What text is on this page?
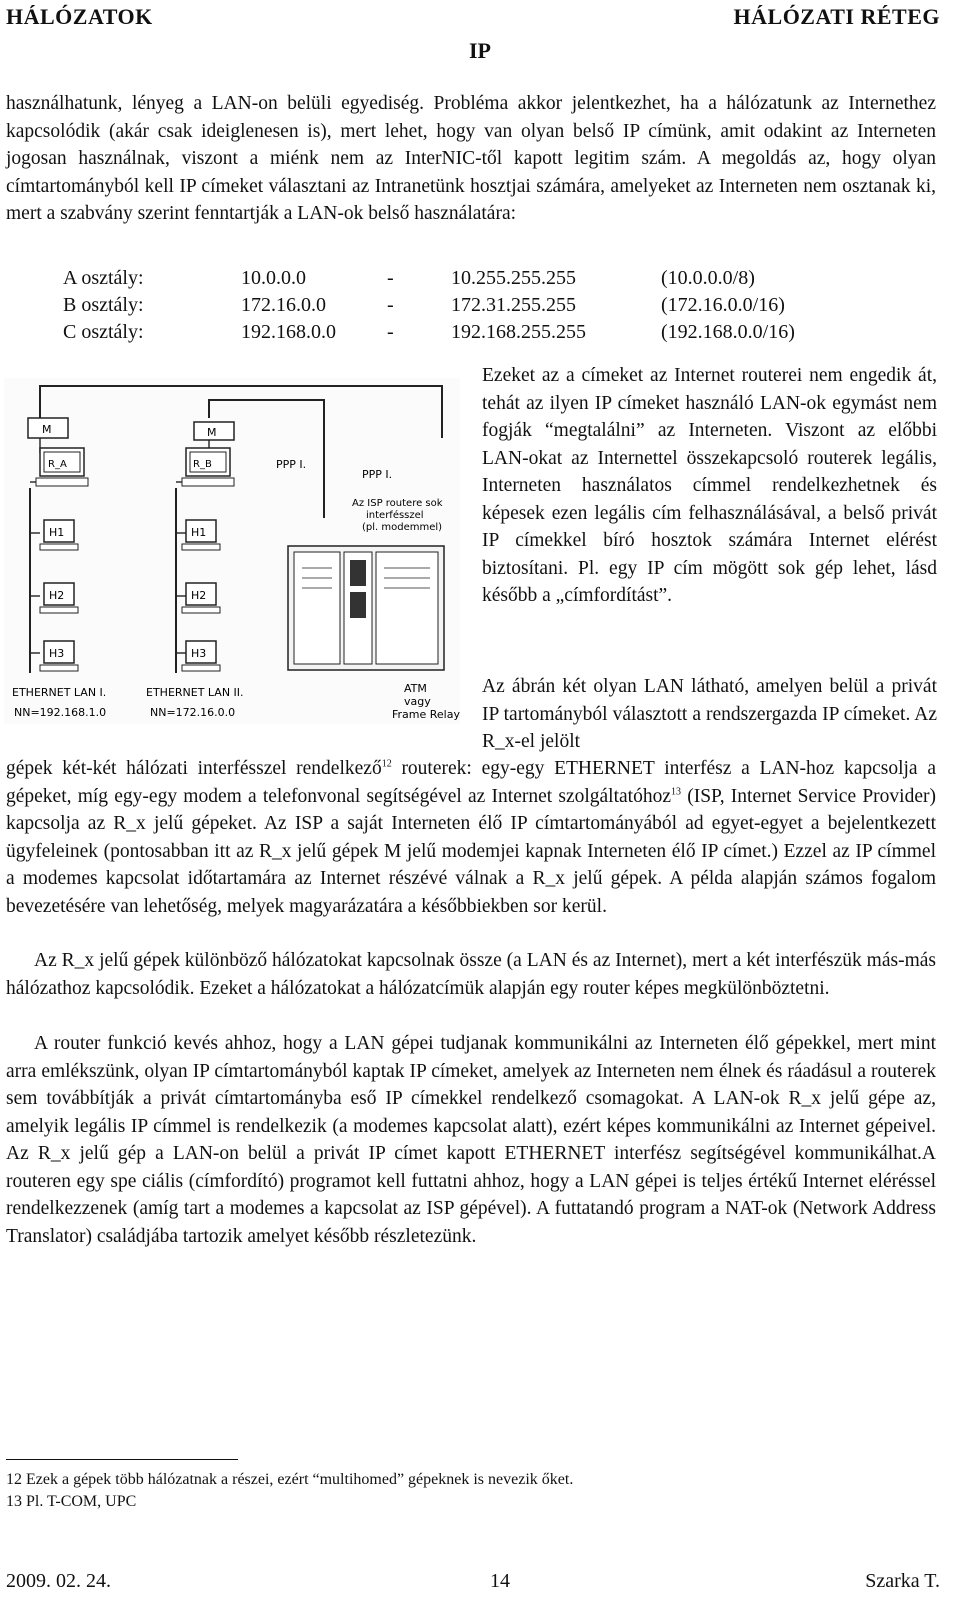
HÁLÓZATOK	HÁLÓZATI RÉTEG
IP

használhatunk, lényeg a LAN-on belüli egyediség. Probléma akkor jelentkezhet, ha a hálózatunk az Internethez kapcsolódik (akár csak ideiglenesen is), mert lehet, hogy van olyan belső IP címünk, amit odakint az Interneten jogosan használnak, viszont a miénk nem az InterNIC-től kapott legitim szám. A megoldás az, hogy olyan címtartományból kell IP címeket választani az Intranetünk hosztjai számára, amelyeket az Interneten nem osztanak ki, mert a szabvány szerint fenntartják a LAN-ok belső használatára:

A osztály:	10.0.0.0	-	10.255.255.255	(10.0.0.0/8)
B osztály:	172.16.0.0	-	172.31.255.255	(172.16.0.0/16)
C osztály:	192.168.0.0	-	192.168.255.255	(192.168.0.0/16)
M	M
R_A	R_B
H1
H2
H3
H1
H2
H3
PPP I.
PPP I.
Az ISP routere sok interfésszel (pl. modemmel)
ATM vagy Frame Relay
ETHERNET LAN I.
NN=192.168.1.0
ETHERNET LAN II.
NN=172.16.0.0

Ezeket az a címeket az Internet routerei nem engedik át, tehát az ilyen IP címeket használó LAN-ok egymást nem fogják “megtalálni” az Interneten. Viszont az előbbi LAN-okat az Internettel összekapcsoló routerek legális, Interneten használatos címmel rendelkezhetnek és képesek ezen legális cím felhasználásával, a belső privát IP címekkel bíró hosztok számára Internet elérést biztosítani. Pl. egy IP cím mögött sok gép lehet, lásd később a „címfordítást”.

Az ábrán két olyan LAN látható, amelyen belül a privát IP tartományból választott a rendszergazda IP címeket. Az R_x-el jelölt

gépek két-két hálózati interfésszel rendelkező$^{12}$ routerek: egy-egy ETHERNET interfész a LAN-hoz kapcsolja a gépeket, míg egy-egy modem a telefonvonal segítségével az Internet szolgáltatóhoz$^{13}$ (ISP, Internet Service Provider) kapcsolja az R_x jelű gépeket. Az ISP a saját Interneten élő IP címtartományából ad egyet-egyet a bejelentkezett ügyfeleinek (pontosabban itt az R_x jelű gépek M jelű modemjei kapnak Interneten élő IP címet.) Ezzel az IP címmel a modemes kapcsolat időtartamára az Internet részévé válnak a R_x jelű gépek. A példa alapján számos fogalom bevezetésére van lehetőség, melyek magyarázatára a későbbiekben sor kerül.

Az R_x jelű gépek különböző hálózatokat kapcsolnak össze (a LAN és az Internet), mert a két interfészük más-más hálózathoz kapcsolódik. Ezeket a hálózatokat a hálózatcímük alapján egy router képes megkülönböztetni.

A router funkció kevés ahhoz, hogy a LAN gépei tudjanak kommunikálni az Interneten élő gépekkel, mert mint arra emlékszünk, olyan IP címtartományból kaptak IP címeket, amelyek az Interneten nem élnek és ráadásul a routerek sem továbbítják a privát címtartományba eső IP címekkel rendelkező csomagokat. A LAN-ok R_x jelű gépe az, amelyik legális IP címmel is rendelkezik (a modemes kapcsolat alatt), ezért képes kommunikálni az Internet gépeivel. Az R_x jelű gép a LAN-on belül a privát IP címet kapott ETHERNET interfész segítségével kommunikálhat.A routeren egy spe ciális (címfordító) programot kell futtatni ahhoz, hogy a LAN gépei is teljes értékű Internet eléréssel rendelkezzenek (amíg tart a modemes a kapcsolat az ISP gépével). A futtatandó program a NAT-ok (Network Address Translator) családjába tartozik amelyet később részletezünk.

12 Ezek a gépek több hálózatnak a részei, ezért “multihomed” gépeknek is nevezik őket.
13 Pl. T-COM, UPC
2009. 02. 24.	14	Szarka T.
